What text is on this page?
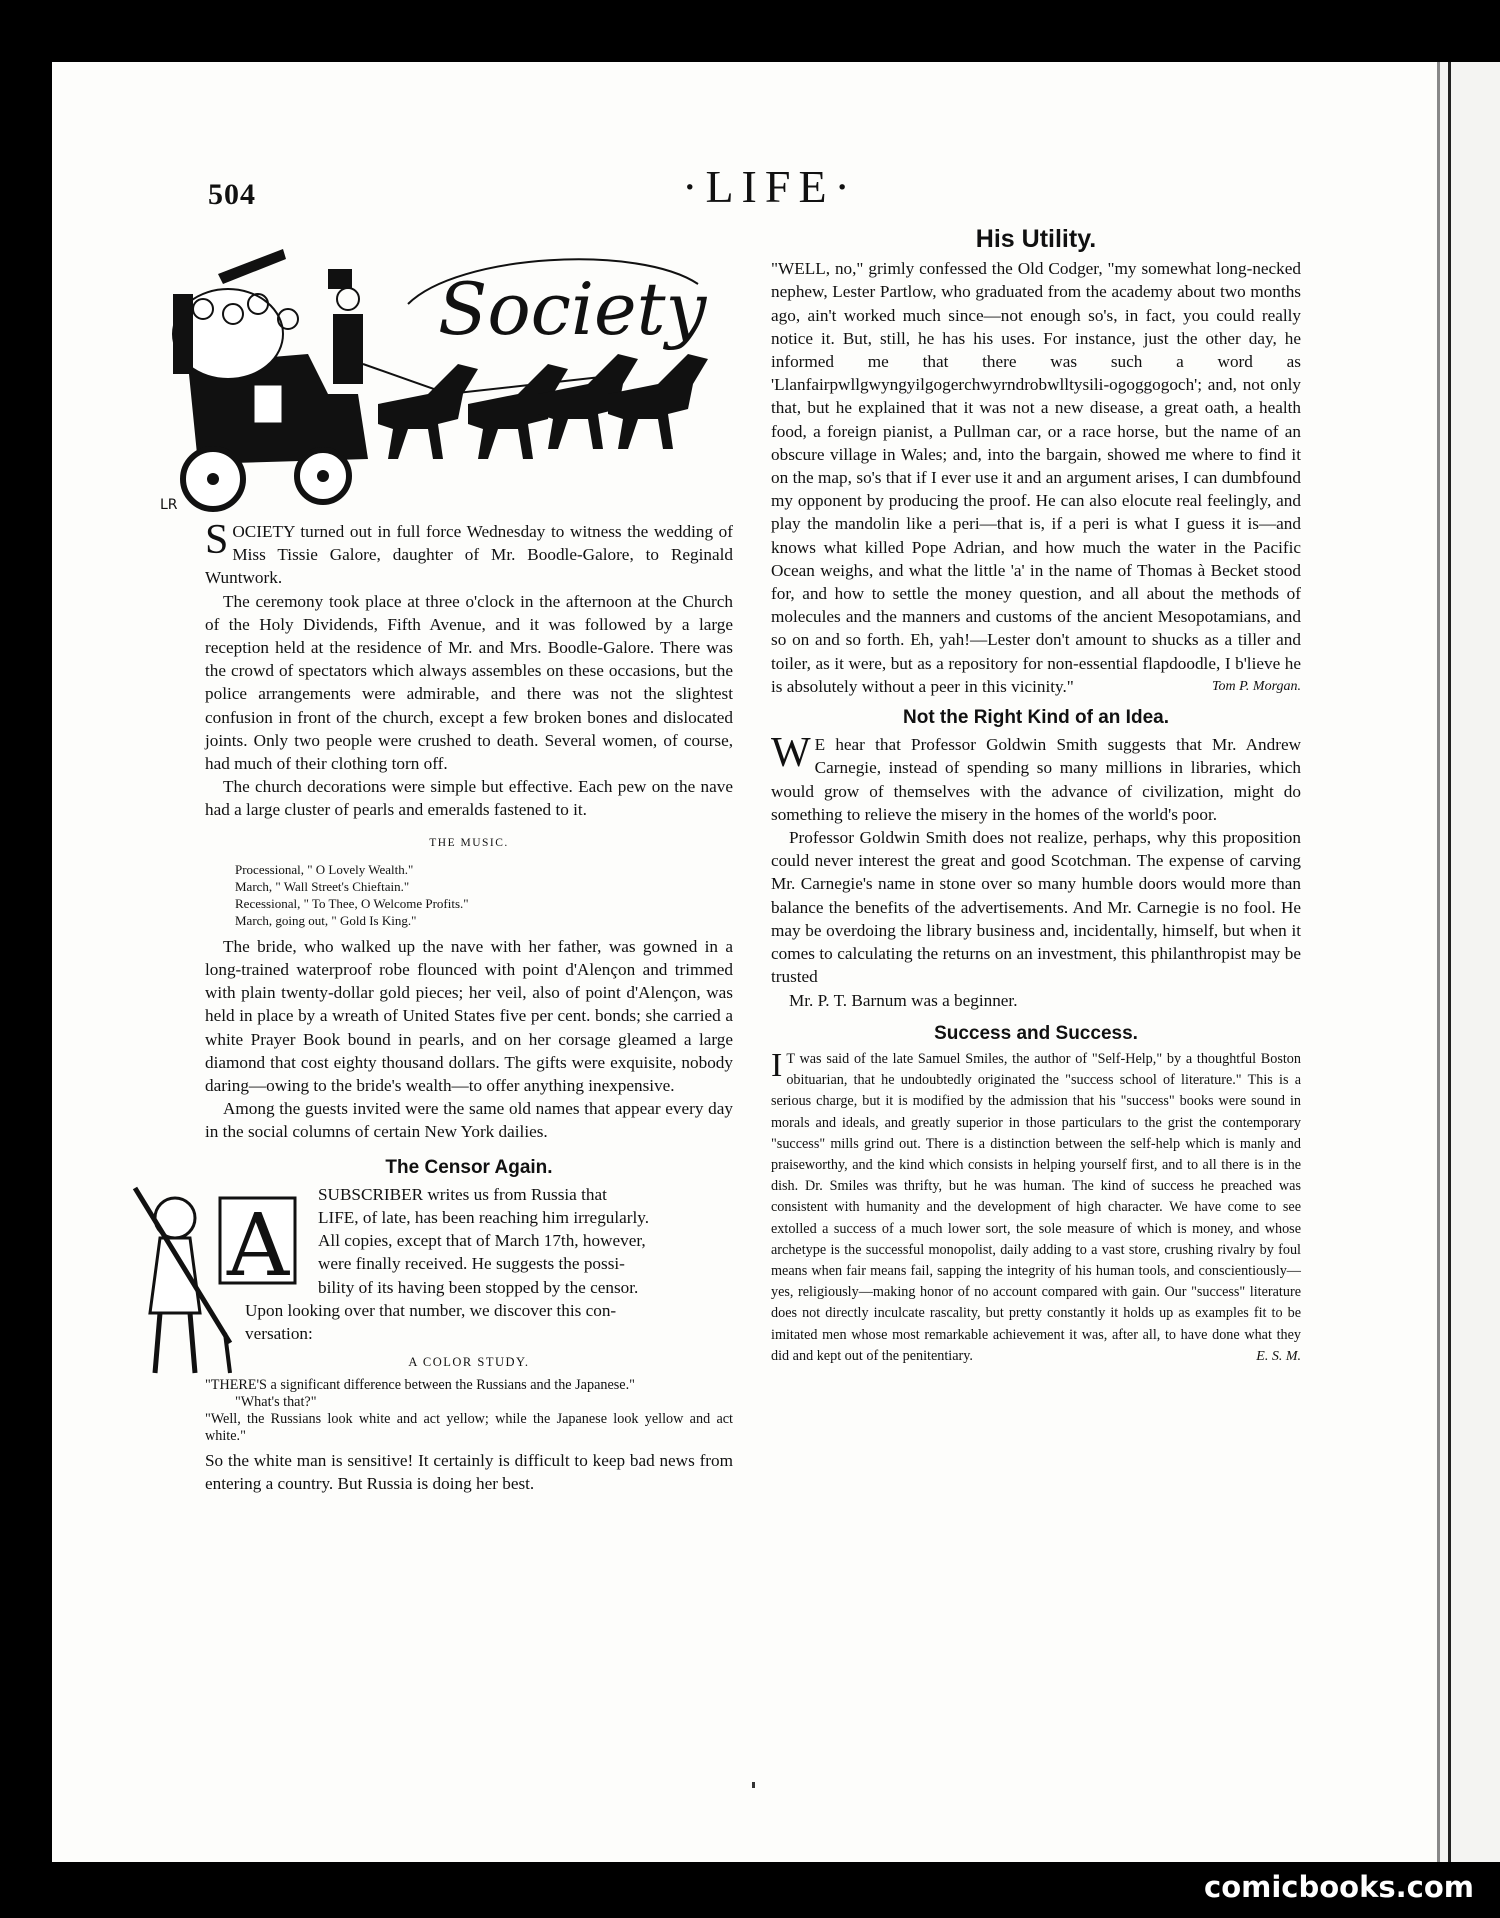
504	·LIFE·
Society
LR

SOCIETY turned out in full force Wednesday to witness the wedding of Miss Tissie Galore, daughter of Mr. Boodle-Galore, to Reginald Wuntwork.

The ceremony took place at three o'clock in the afternoon at the Church of the Holy Dividends, Fifth Avenue, and it was followed by a large reception held at the residence of Mr. and Mrs. Boodle-Galore. There was the crowd of spectators which always assembles on these occasions, but the police arrangements were admirable, and there was not the slightest confusion in front of the church, except a few broken bones and dislocated joints. Only two people were crushed to death. Several women, of course, had much of their clothing torn off.

The church decorations were simple but effective. Each pew on the nave had a large cluster of pearls and emeralds fastened to it.

THE MUSIC.
Processional, " O Lovely Wealth."
March, " Wall Street's Chieftain."
Recessional, " To Thee, O Welcome Profits."
March, going out, " Gold Is King."

The bride, who walked up the nave with her father, was gowned in a long-trained waterproof robe flounced with point d'Alençon and trimmed with plain twenty-dollar gold pieces; her veil, also of point d'Alençon, was held in place by a wreath of United States five per cent. bonds; she carried a white Prayer Book bound in pearls, and on her corsage gleamed a large diamond that cost eighty thousand dollars. The gifts were exquisite, nobody daring—owing to the bride's wealth—to offer anything inexpensive.

Among the guests invited were the same old names that appear every day in the social columns of certain New York dailies.

The Censor Again.
A
SUBSCRIBER writes us from Russia that
LIFE, of late, has been reaching him irregularly.
All copies, except that of March 17th, however,
were finally received. He suggests the possi-
bility of its having been stopped by the censor.
Upon looking over that number, we discover this con-
versation:
A COLOR STUDY.
"THERE'S a significant difference between the Russians and the Japanese."
"What's that?"
"Well, the Russians look white and act yellow; while the Japanese look yellow and act white."

So the white man is sensitive! It certainly is difficult to keep bad news from entering a country. But Russia is doing her best.

His Utility.

"WELL, no," grimly confessed the Old Codger, "my somewhat long-necked nephew, Lester Partlow, who graduated from the academy about two months ago, ain't worked much since—not enough so's, in fact, you could really notice it. But, still, he has his uses. For instance, just the other day, he informed me that there was such a word as 'Llanfairpwllgwyngyilgogerchwyrndrobwlltysili-ogoggogoch'; and, not only that, but he explained that it was not a new disease, a great oath, a health food, a foreign pianist, a Pullman car, or a race horse, but the name of an obscure village in Wales; and, into the bargain, showed me where to find it on the map, so's that if I ever use it and an argument arises, I can dumbfound my opponent by producing the proof. He can also elocute real feelingly, and play the mandolin like a peri—that is, if a peri is what I guess it is—and knows what killed Pope Adrian, and how much the water in the Pacific Ocean weighs, and what the little 'a' in the name of Thomas à Becket stood for, and how to settle the money question, and all about the methods of molecules and the manners and customs of the ancient Mesopotamians, and so on and so forth. Eh, yah!—Lester don't amount to shucks as a tiller and toiler, as it were, but as a repository for non-essential flapdoodle, I b'lieve he is absolutely without a peer in this vicinity."	Tom P. Morgan.

Not the Right Kind of an Idea.

W E hear that Professor Goldwin Smith suggests that Mr. Andrew Carnegie, instead of spending so many millions in libraries, which would grow of themselves with the advance of civilization, might do something to relieve the misery in the homes of the world's poor.

Professor Goldwin Smith does not realize, perhaps, why this proposition could never interest the great and good Scotchman. The expense of carving Mr. Carnegie's name in stone over so many humble doors would more than balance the benefits of the advertisements. And Mr. Carnegie is no fool. He may be overdoing the library business and, incidentally, himself, but when it comes to calculating the returns on an investment, this philanthropist may be trusted

Mr. P. T. Barnum was a beginner.

Success and Success.

I T was said of the late Samuel Smiles, the author of "Self-Help," by a thoughtful Boston obituarian, that he undoubtedly originated the "success school of literature." This is a serious charge, but it is modified by the admission that his "success" books were sound in morals and ideals, and greatly superior in those particulars to the grist the contemporary "success" mills grind out. There is a distinction between the self-help which is manly and praiseworthy, and the kind which consists in helping yourself first, and to all there is in the dish. Dr. Smiles was thrifty, but he was human. The kind of success he preached was consistent with humanity and the development of high character. We have come to see extolled a success of a much lower sort, the sole measure of which is money, and whose archetype is the successful monopolist, daily adding to a vast store, crushing rivalry by foul means when fair means fail, sapping the integrity of his human tools, and conscientiously—yes, religiously—making honor of no account compared with gain. Our "success" literature does not directly inculcate rascality, but pretty constantly it holds up as examples fit to be imitated men whose most remarkable achievement it was, after all, to have done what they did and kept out of the penitentiary.	E. S. M.

comicbooks.com
